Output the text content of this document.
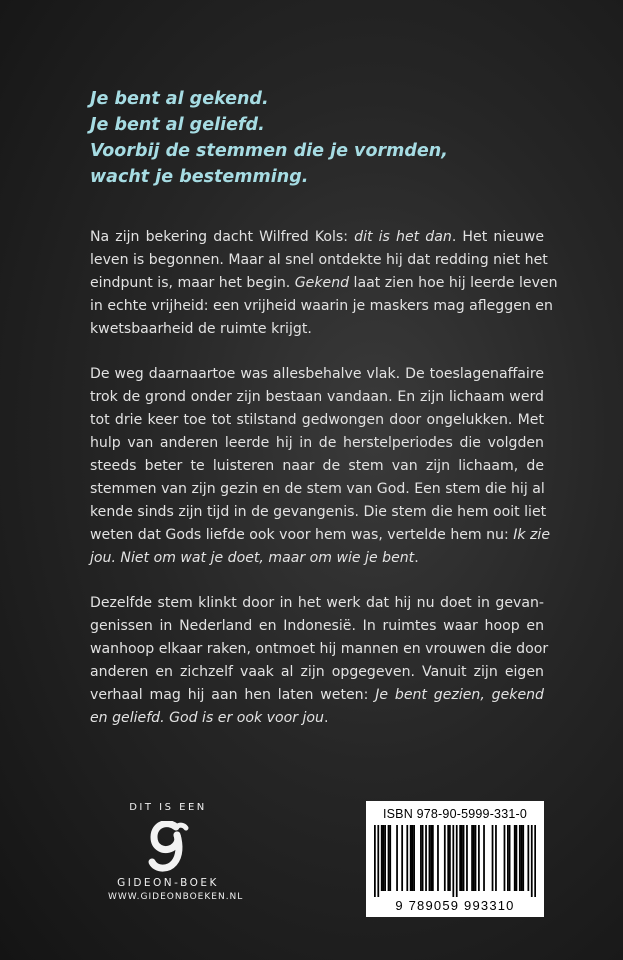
Je bent al gekend.
Je bent al geliefd.
Voorbij de stemmen die je vormden,
wacht je bestemming.
Na zijn bekering dacht Wilfred Kols: dit is het dan. Het nieuwe
leven is begonnen. Maar al snel ontdekte hij dat redding niet het
eindpunt is, maar het begin. Gekend laat zien hoe hij leerde leven
in echte vrijheid: een vrijheid waarin je maskers mag afleggen en
kwetsbaarheid de ruimte krijgt.
De weg daarnaartoe was allesbehalve vlak. De toeslagenaffaire
trok de grond onder zijn bestaan vandaan. En zijn lichaam werd
tot drie keer toe tot stilstand gedwongen door ongelukken. Met
hulp van anderen leerde hij in de herstelperiodes die volgden
steeds beter te luisteren naar de stem van zijn lichaam, de
stemmen van zijn gezin en de stem van God. Een stem die hij al
kende sinds zijn tijd in de gevangenis. Die stem die hem ooit liet
weten dat Gods liefde ook voor hem was, vertelde hem nu: Ik zie
jou. Niet om wat je doet, maar om wie je bent.
Dezelfde stem klinkt door in het werk dat hij nu doet in gevan-
genissen in Nederland en Indonesië. In ruimtes waar hoop en
wanhoop elkaar raken, ontmoet hij mannen en vrouwen die door
anderen en zichzelf vaak al zijn opgegeven. Vanuit zijn eigen
verhaal mag hij aan hen laten weten: Je bent gezien, gekend
en geliefd. God is er ook voor jou.
DIT IS EEN
GIDEON-BOEK
WWW.GIDEONBOEKEN.NL
ISBN 978-90-5999-331-0
9 789059 993310
